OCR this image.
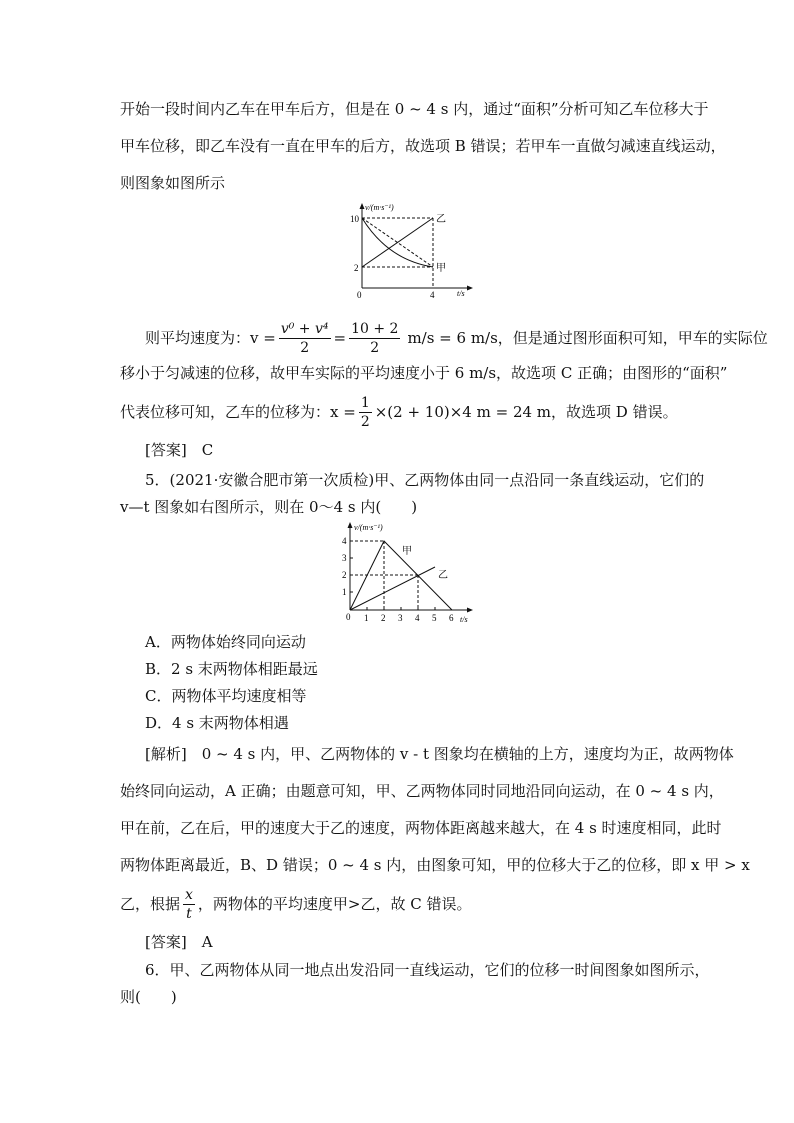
开始一段时间内乙车在甲车后方，但是在 0 ~ 4 s 内，通过“面积”分析可知乙车位移大于
甲车位移，即乙车没有一直在甲车的后方，故选项 B 错误；若甲车一直做匀减速直线运动，
则图象如图所示
v/(m·s⁻¹)
t/s
10
2
0	4
乙
甲
则平均速度为：$v = \frac{\text{v⁰ + v⁴}}{2} = \frac{10 + 2}{2} m/s = 6$ m/s，但是通过图形面积可知，甲车的实际位
移小于匀减速的位移，故甲车实际的平均速度小于 6 m/s，故选项 C 正确；由图形的“面积”
代表位移可知，乙车的位移为：$x = \frac{1}{2} \times(2 + 10)\times 4$ m = 24 m，故选项 D 错误。
[答案]　C
5．(2021·安徽合肥市第一次质检)甲、乙两物体由同一点沿同一条直线运动，它们的
v—t 图象如右图所示，则在 0～4 s 内(　　)
v/(m·s⁻¹)
t/s
1
2
3
4
0 1 2 3 4 5 6
甲
乙
A．两物体始终同向运动
B．2 s 末两物体相距最远
C．两物体平均速度相等
D．4 s 末两物体相遇
[解析]　0 ~ 4 s 内，甲、乙两物体的 v - t 图象均在横轴的上方，速度均为正，故两物体
始终同向运动，A 正确；由题意可知，甲、乙两物体同时同地沿同向运动，在 0 ~ 4 s 内，
甲在前，乙在后，甲的速度大于乙的速度，两物体距离越来越大，在 4 s 时速度相同，此时
两物体距离最近，B、D 错误；0 ~ 4 s 内，由图象可知，甲的位移大于乙的位移，即 x 甲 > x
乙，根据 $\frac{x}{t}$ ，两物体的平均速度甲>乙，故 C 错误。
[答案]　A
6．甲、乙两物体从同一地点出发沿同一直线运动，它们的位移一时间图象如图所示，
则(　　)
